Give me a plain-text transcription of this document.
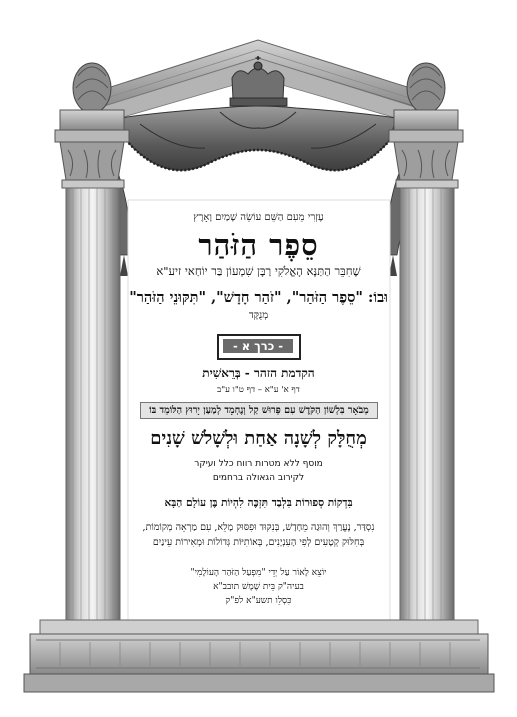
עֶזְרִי מֵעִם הַשֵּׁם עוֹשֵׂה שָׁמַיִם וָאָרֶץ
סֵפֶר הַזֹּהַר
שֶׁחִבֵּר הַתַּנָּא הָאֱלֹקִי רַבָּן שִׁמְעוֹן בַּר יוֹחַאי זיע"א
וּבוֹ: "סֵפֶר הַזֹּהַר", "זֹהַר חָדָשׁ", "תִּקּוּנֵי הַזֹּהַר"
מְנֻקָּד
- כרך א -
הקדמת הזהר - בְּרֵאשִׁית
דף א' ע"א – דף ט"ו ע"ב
מְבֹאָר בִּלְשׁוֹן הַקֹּדֶשׁ עִם פֵּרוּשׁ קַל וְנֶחְמָד לְמַעַן יָרוּץ הַלּוֹמֵד בּוֹ
מְחֻלָּק לְשָׁנָה אַחַת וּלְשָׁלֹשׁ שָׁנִים
מוסף ללא מטרות רווח כלל ועיקר
לקירוב הגאולה ברחמים
בִּדְקוֹת סְפוּרוֹת בִּלְבַד תִּזְכֶּה לִהְיוֹת בֶּן עוֹלָם הַבָּא
נִסְדַּר, נֶעֱרַךְ וְהוּגַה מֵחָדָשׁ, בְּנִקּוּד וּפִסּוּק מָלֵא, עִם מַרְאֵה מְקוֹמוֹת,
בְּחִלּוּק קְטָעִים לְפִי הָעִנְיָנִים, בְּאוֹתִיּוֹת גְּדוֹלוֹת וּמְאִירוֹת עֵינַיִם
יוֹצֵא לָאוֹר עַל יְדֵי "מִפְעַל הַזֹּהַר הָעוֹלָמִי"
בעיה"ק בֵּית שֶׁמֶשׁ תובב"א
כִּסְלֵו תשע"א לפ"ק
